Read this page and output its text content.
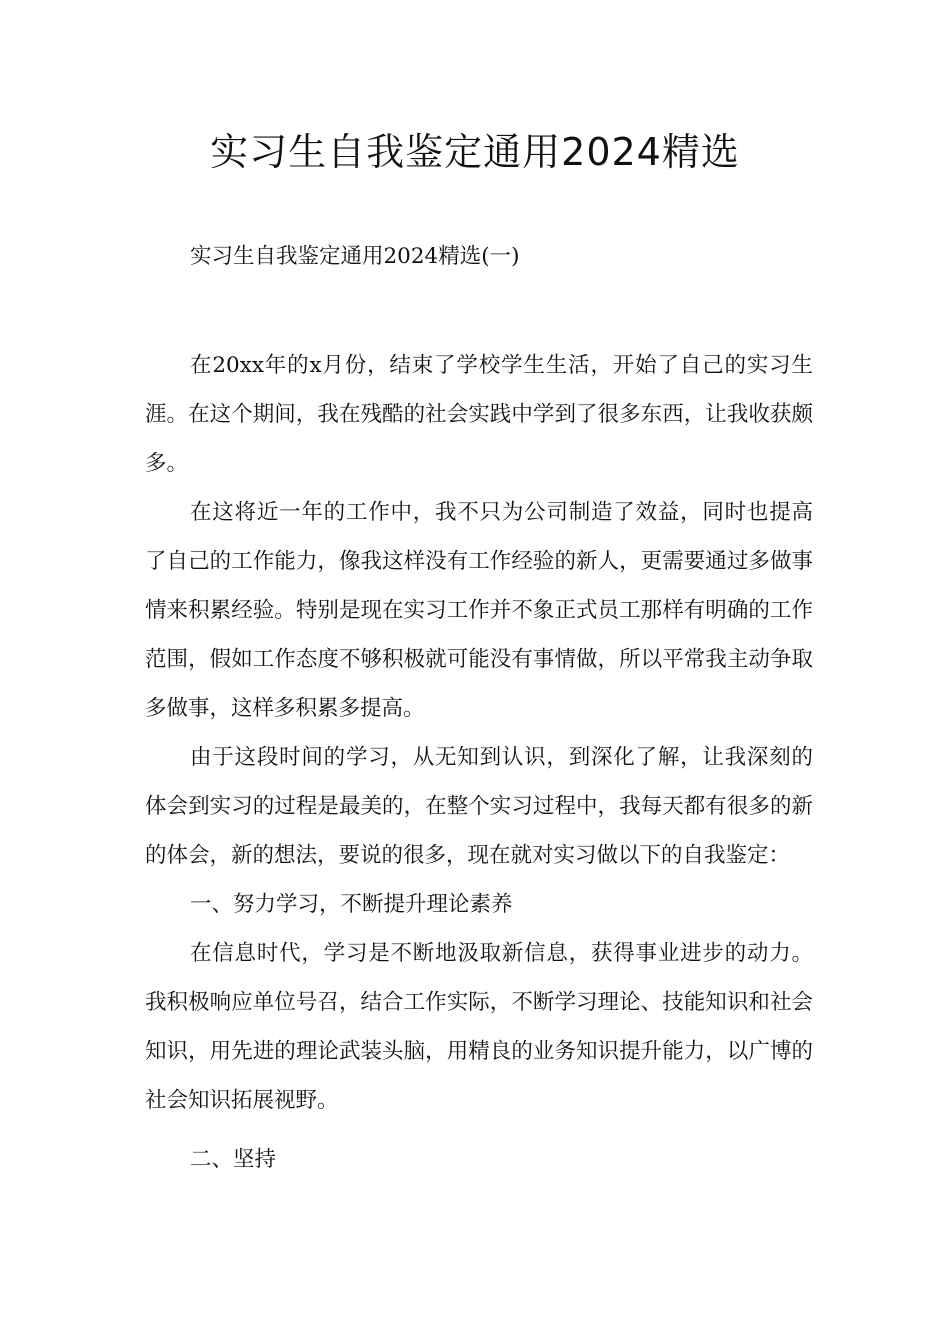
实习生自我鉴定通用2024精选

实习生自我鉴定通用2024精选(一)

在20xx年的x月份，结束了学校学生生活，开始了自己的实习生涯。在这个期间，我在残酷的社会实践中学到了很多东西，让我收获颇多。

在这将近一年的工作中，我不只为公司制造了效益，同时也提高了自己的工作能力，像我这样没有工作经验的新人，更需要通过多做事情来积累经验。特别是现在实习工作并不象正式员工那样有明确的工作范围，假如工作态度不够积极就可能没有事情做，所以平常我主动争取多做事，这样多积累多提高。

由于这段时间的学习，从无知到认识，到深化了解，让我深刻的体会到实习的过程是最美的，在整个实习过程中，我每天都有很多的新的体会，新的想法，要说的很多，现在就对实习做以下的自我鉴定：

一、努力学习，不断提升理论素养

在信息时代，学习是不断地汲取新信息，获得事业进步的动力。我积极响应单位号召，结合工作实际，不断学习理论、技能知识和社会知识，用先进的理论武装头脑，用精良的业务知识提升能力，以广博的社会知识拓展视野。

二、坚持
